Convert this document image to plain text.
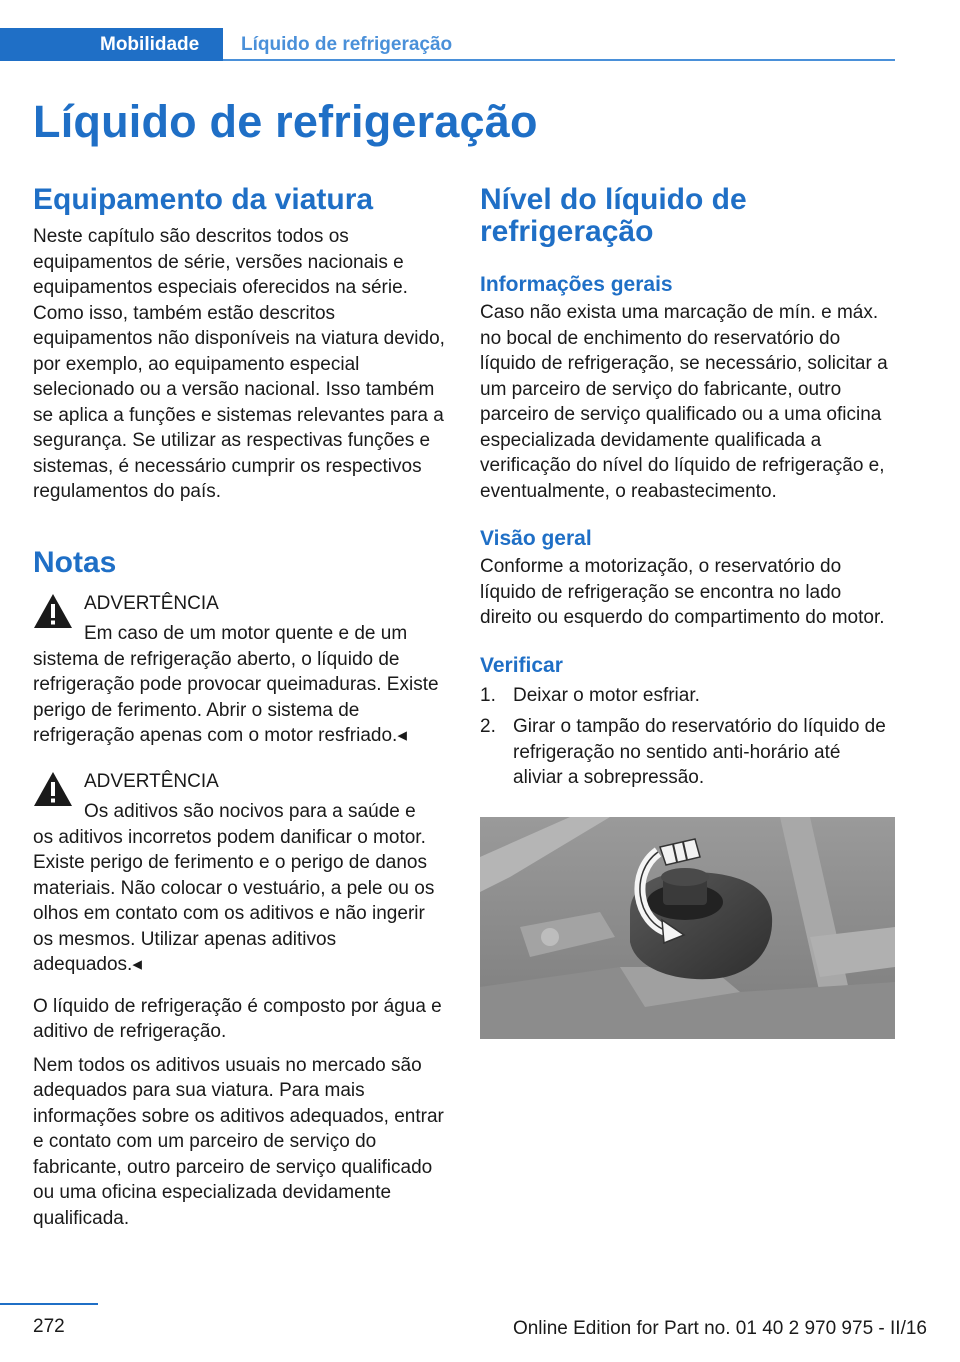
Mobilidade	Líquido de refrigeração
Líquido de refrigeração
Equipamento da viatura

Neste capítulo são descritos todos os equipamentos de série, versões nacionais e equipamentos especiais oferecidos na série. Como isso, também estão descritos equipamentos não disponíveis na viatura devido, por exemplo, ao equipamento especial selecionado ou a versão nacional. Isso também se aplica a funções e sistemas relevantes para a segurança. Se utilizar as respectivas funções e sistemas, é necessário cumprir os respectivos regulamentos do país.

Notas
ADVERTÊNCIA
Em caso de um motor quente e de um
sistema de refrigeração aberto, o líquido de refrigeração pode provocar queimaduras. Existe perigo de ferimento. Abrir o sistema de refrigeração apenas com o motor resfriado.◂
ADVERTÊNCIA
Os aditivos são nocivos para a saúde e
os aditivos incorretos podem danificar o motor. Existe perigo de ferimento e o perigo de danos materiais. Não colocar o vestuário, a pele ou os olhos em contato com os aditivos e não ingerir os mesmos. Utilizar apenas aditivos adequados.◂

O líquido de refrigeração é composto por água e aditivo de refrigeração.

Nem todos os aditivos usuais no mercado são adequados para sua viatura. Para mais informações sobre os aditivos adequados, entrar e contato com um parceiro de serviço do fabricante, outro parceiro de serviço qualificado ou uma oficina especializada devidamente qualificada.

Nível do líquido de refrigeração
Informações gerais

Caso não exista uma marcação de mín. e máx. no bocal de enchimento do reservatório do líquido de refrigeração, se necessário, solicitar a um parceiro de serviço do fabricante, outro parceiro de serviço qualificado ou a uma oficina especializada devidamente qualificada a verificação do nível do líquido de refrigeração e, eventualmente, o reabastecimento.

Visão geral

Conforme a motorização, o reservatório do líquido de refrigeração se encontra no lado direito ou esquerdo do compartimento do motor.

Verificar
1. Deixar o motor esfriar.
2. Girar o tampão do reservatório do líquido de refrigeração no sentido anti-horário até aliviar a sobrepressão.
272	Online Edition for Part no. 01 40 2 970 975 - II/16
